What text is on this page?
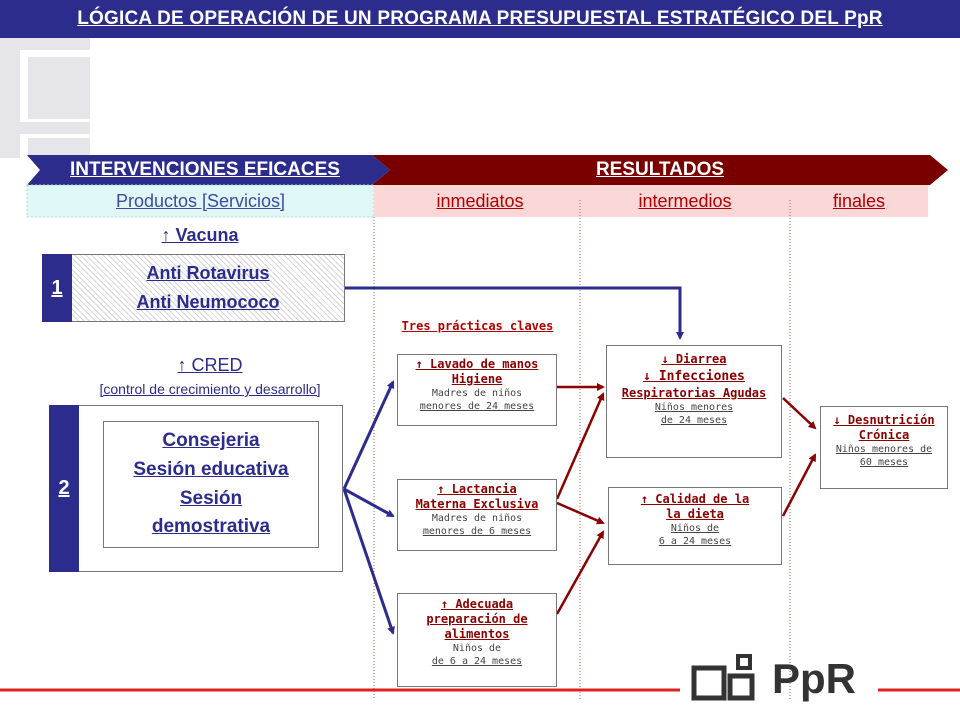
LÓGICA DE OPERACIÓN DE UN PROGRAMA PRESUPUESTAL ESTRATÉGICO DEL PpR
INTERVENCIONES EFICACES	RESULTADOS
Productos [Servicios]	inmediatos	intermedios	finales
↑ Vacuna
1
Anti Rotavirus
Anti Neumococo
↑ CRED
[control de crecimiento y desarrollo]
2
Consejeria
Sesión educativa
Sesión
demostrativa
Tres prácticas claves
↑ Lavado de manos
Higiene
Madres de niños
menores de 24 meses
↑ Lactancia
Materna Exclusiva
Madres de niños
menores de 6 meses
↑ Adecuada
preparación de
alimentos
Niños de
de 6 a 24 meses
↓ Diarrea
↓ Infecciones
Respiratorias Agudas
Niños menores
de 24 meses
↑ Calidad de la
la dieta
Niños de
6 a 24 meses
↓ Desnutrición
Crónica
Niños menores de
60 meses
PpR
